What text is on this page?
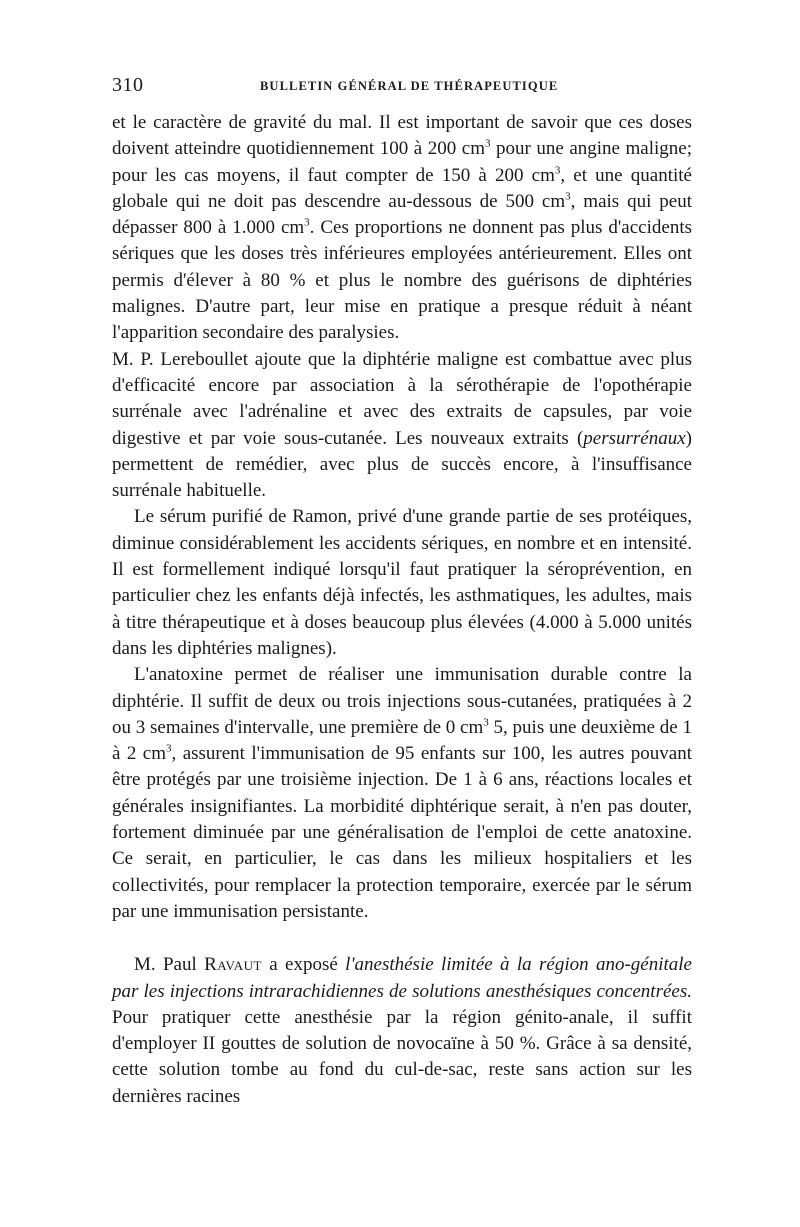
310	BULLETIN GÉNÉRAL DE THÉRAPEUTIQUE

et le caractère de gravité du mal. Il est important de savoir que ces doses doivent atteindre quotidiennement 100 à 200 $cm^3$ pour une angine maligne; pour les cas moyens, il faut compter de 150 à 200 $cm^3$, et une quantité globale qui ne doit pas descendre au-dessous de 500 $cm^3$, mais qui peut dépasser 800 à 1.000 $cm^3$. Ces proportions ne donnent pas plus d'accidents sériques que les doses très inférieures employées antérieurement. Elles ont permis d'élever à 80 % et plus le nombre des guérisons de diphtéries malignes. D'autre part, leur mise en pratique a presque réduit à néant l'apparition secondaire des paralysies.

M. P. Lereboullet ajoute que la diphtérie maligne est combattue avec plus d'efficacité encore par association à la sérothérapie de l'opothérapie surrénale avec l'adrénaline et avec des extraits de capsules, par voie digestive et par voie sous-cutanée. Les nouveaux extraits (persurrénaux) permettent de remédier, avec plus de succès encore, à l'insuffisance surrénale habituelle.

Le sérum purifié de Ramon, privé d'une grande partie de ses protéiques, diminue considérablement les accidents sériques, en nombre et en intensité. Il est formellement indiqué lorsqu'il faut pratiquer la séroprévention, en particulier chez les enfants déjà infectés, les asthmatiques, les adultes, mais à titre thérapeutique et à doses beaucoup plus élevées (4.000 à 5.000 unités dans les diphtéries malignes).

L'anatoxine permet de réaliser une immunisation durable contre la diphtérie. Il suffit de deux ou trois injections sous-cutanées, pratiquées à 2 ou 3 semaines d'intervalle, une première de 0 $cm^3$ 5, puis une deuxième de 1 à 2 $cm^3$, assurent l'immunisation de 95 enfants sur 100, les autres pouvant être protégés par une troisième injection. De 1 à 6 ans, réactions locales et générales insignifiantes. La morbidité diphtérique serait, à n'en pas douter, fortement diminuée par une généralisation de l'emploi de cette anatoxine. Ce serait, en particulier, le cas dans les milieux hospitaliers et les collectivités, pour remplacer la protection temporaire, exercée par le sérum par une immunisation persistante.

M. Paul Ravaut a exposé l'anesthésie limitée à la région ano-génitale par les injections intrarachidiennes de solutions anesthésiques concentrées. Pour pratiquer cette anesthésie par la région génito-anale, il suffit d'employer II gouttes de solution de novocaïne à 50 %. Grâce à sa densité, cette solution tombe au fond du cul-de-sac, reste sans action sur les dernières racines
